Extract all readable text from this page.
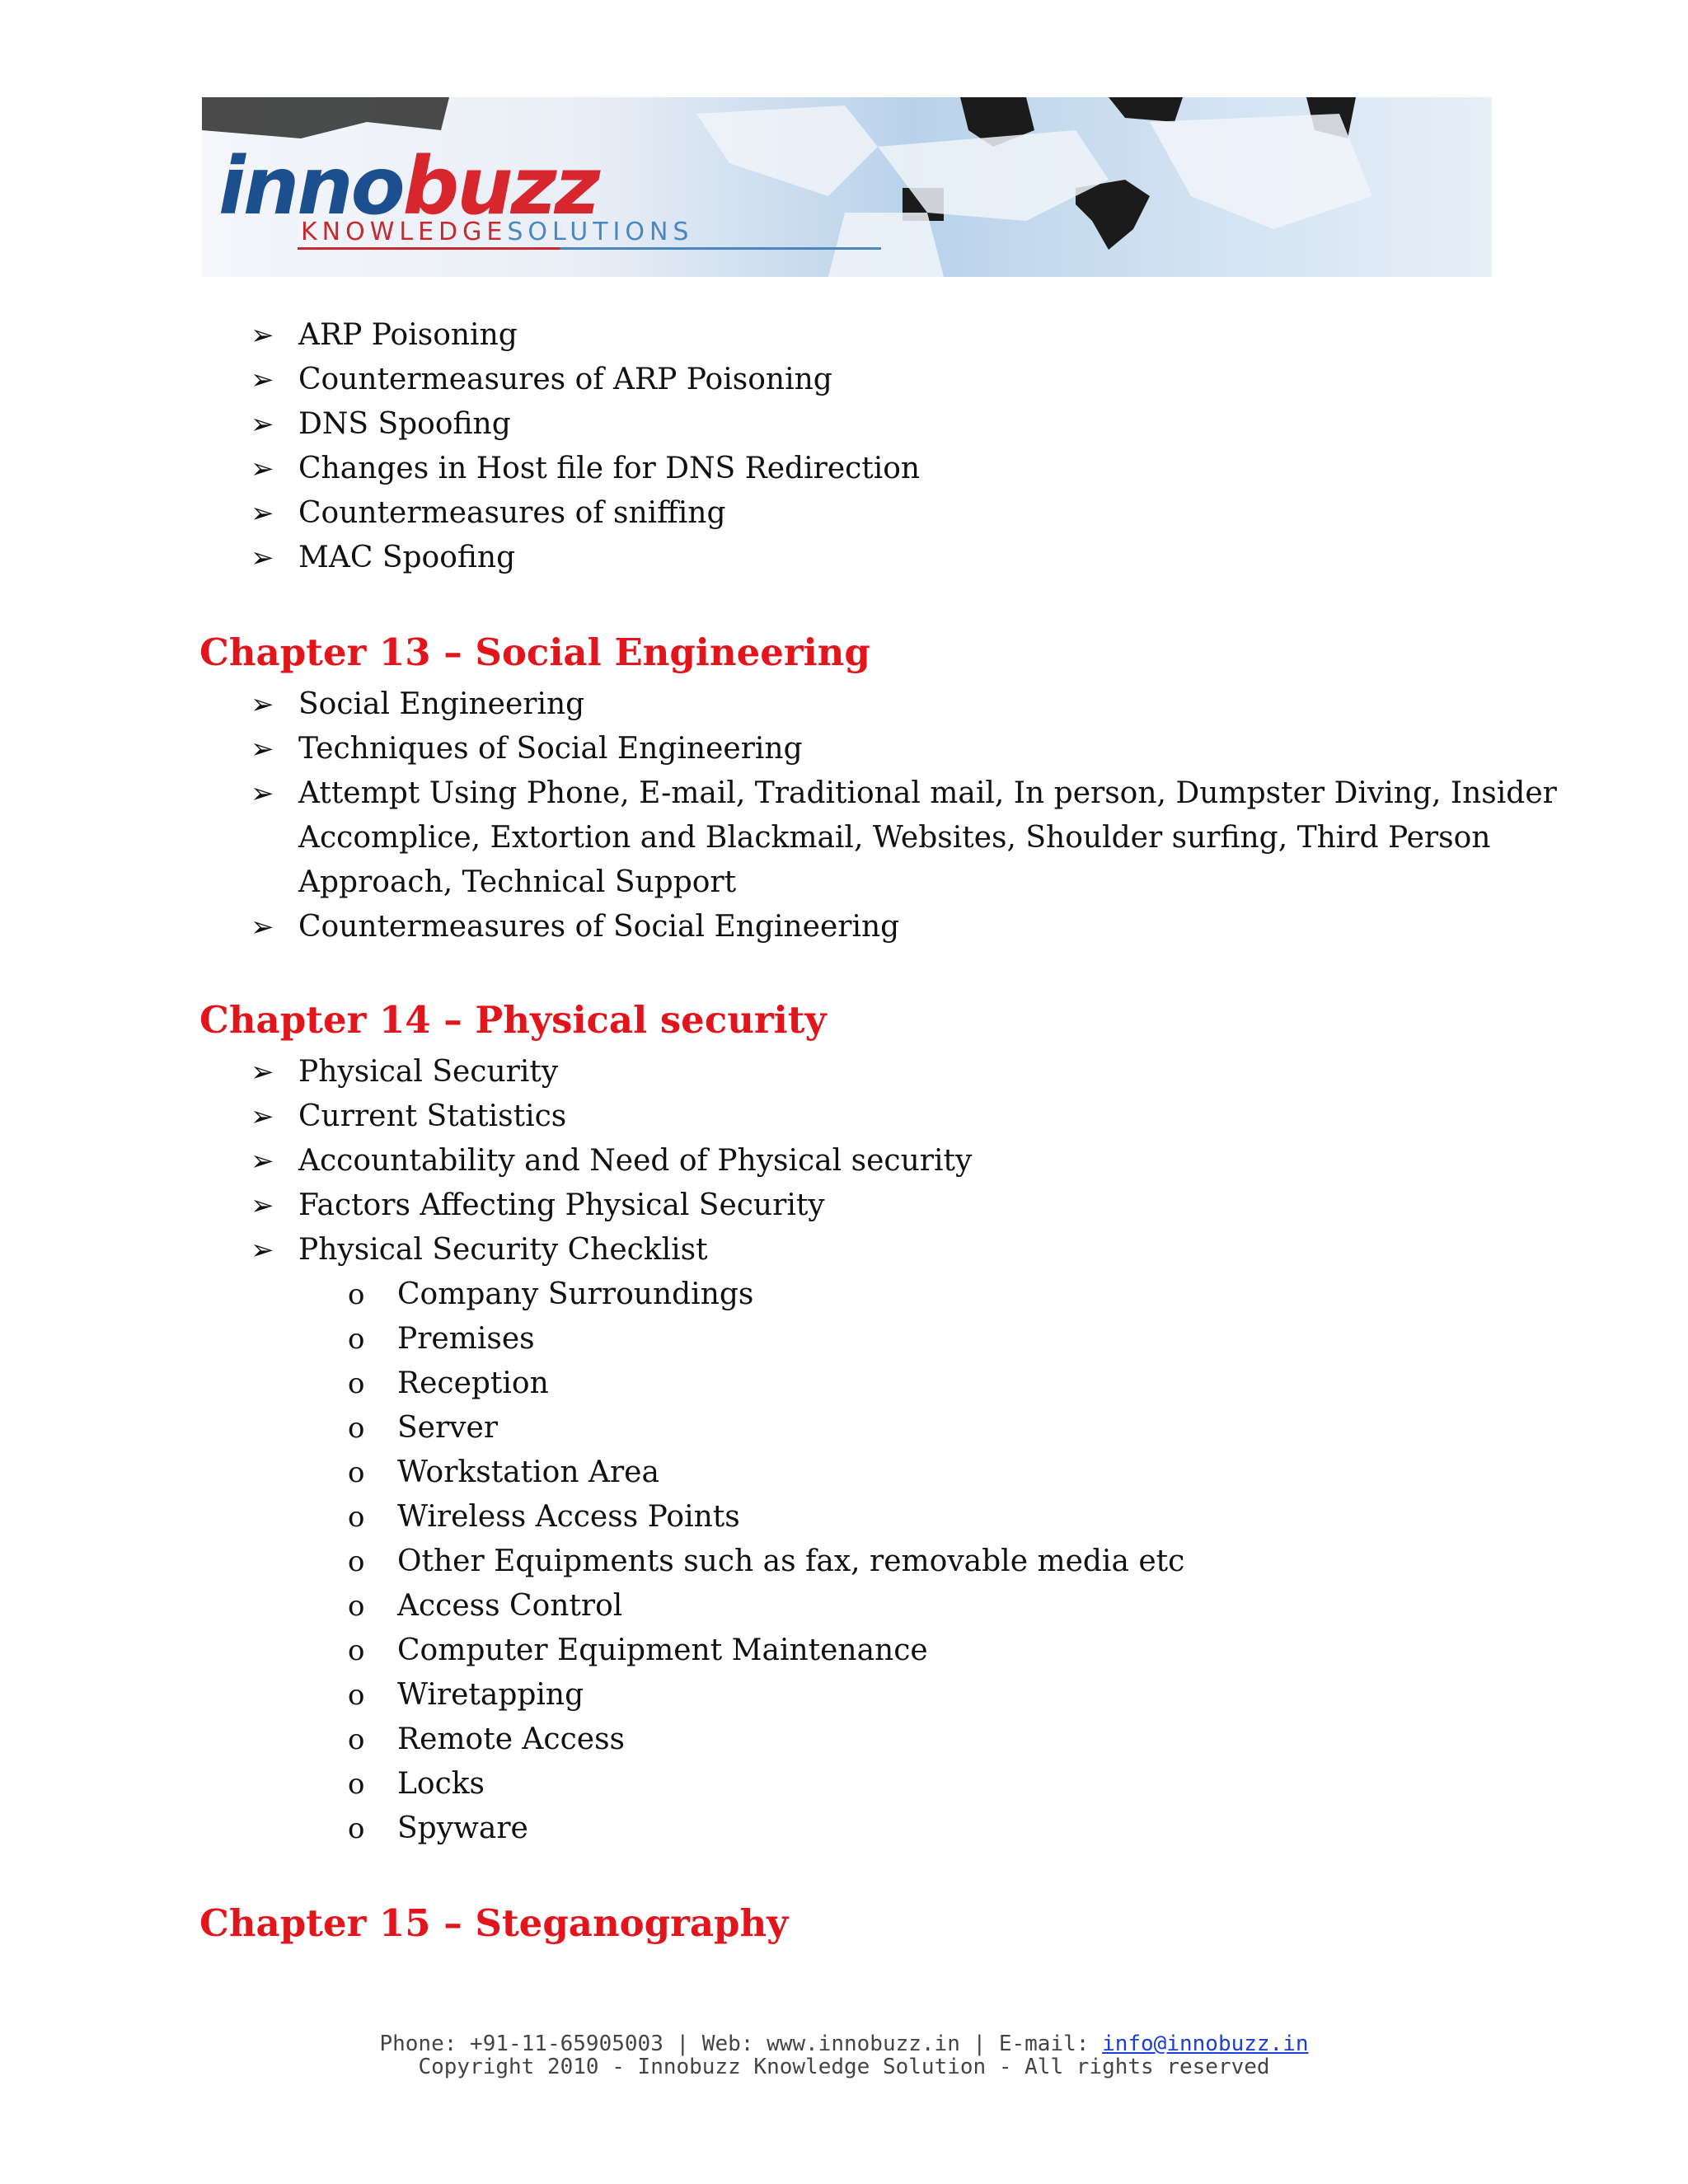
innobuzz
KNOWLEDGESOLUTIONS
➢ ARP Poisoning
➢ Countermeasures of ARP Poisoning
➢ DNS Spoofing
➢ Changes in Host file for DNS Redirection
➢ Countermeasures of sniffing
➢ MAC Spoofing
Chapter 13 – Social Engineering
➢ Social Engineering
➢ Techniques of Social Engineering
➢ Attempt Using Phone, E-mail, Traditional mail, In person, Dumpster Diving, Insider
Accomplice, Extortion and Blackmail, Websites, Shoulder surfing, Third Person
Approach, Technical Support
➢ Countermeasures of Social Engineering
Chapter 14 – Physical security
➢ Physical Security
➢ Current Statistics
➢ Accountability and Need of Physical security
➢ Factors Affecting Physical Security
➢ Physical Security Checklist
o Company Surroundings
o Premises
o Reception
o Server
o Workstation Area
o Wireless Access Points
o Other Equipments such as fax, removable media etc
o Access Control
o Computer Equipment Maintenance
o Wiretapping
o Remote Access
o Locks
o Spyware
Chapter 15 – Steganography
Phone: +91-11-65905003 | Web: www.innobuzz.in | E-mail: info@innobuzz.in
Copyright 2010 - Innobuzz Knowledge Solution - All rights reserved
